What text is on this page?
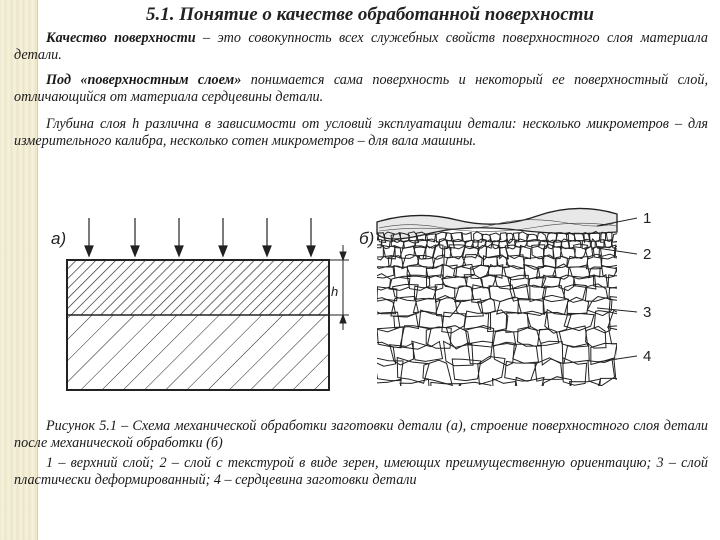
5.1. Понятие о качестве обработанной поверхности

Качество поверхности – это совокупность всех служебных свойств поверхностного слоя материала детали.

Под «поверхностным слоем» понимается сама поверхность и некоторый ее поверхностный слой, отличающийся от материала сердцевины детали.

Глубина слоя h различна в зависимости от условий эксплуатации детали: несколько микрометров – для измерительного калибра, несколько сотен микрометров – для вала машины.

а)
h
б)
1
2
3
4

Рисунок 5.1 – Схема механической обработки заготовки детали (а), строение поверхностного слоя детали после механической обработки (б)

1 – верхний слой; 2 – слой с текстурой в виде зерен, имеющих преимущественную ориентацию; 3 – слой пластически деформированный; 4 – сердцевина заготовки детали
